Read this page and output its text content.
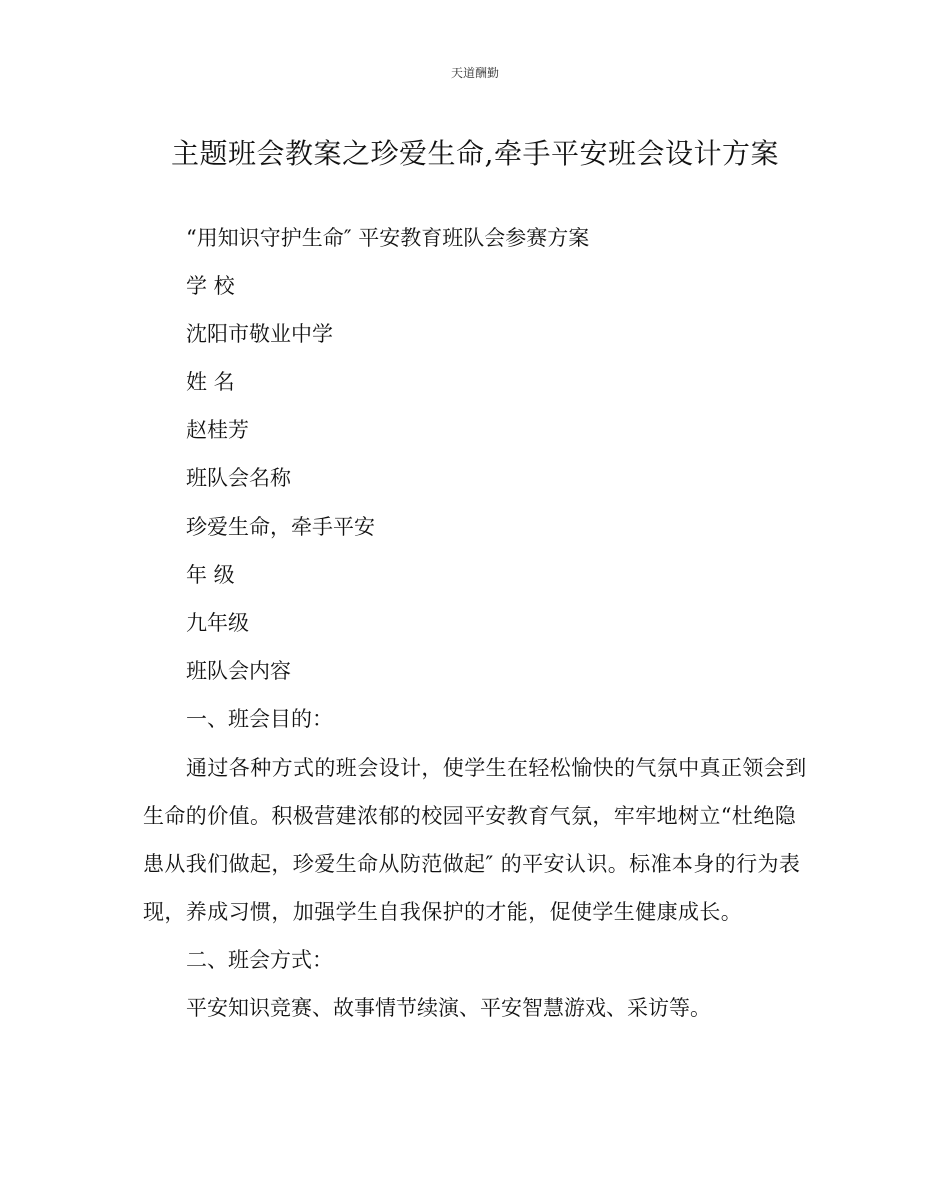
天道酬勤
主题班会教案之珍爱生命,牵手平安班会设计方案
“用知识守护生命″ 平安教育班队会参赛方案
学 校
沈阳市敬业中学
姓 名
赵桂芳
班队会名称
珍爱生命，牵手平安
年 级
九年级
班队会内容
一、班会目的：
通过各种方式的班会设计，使学生在轻松愉快的气氛中真正领会到生命的价值。积极营建浓郁的校园平安教育气氛，牢牢地树立“杜绝隐患从我们做起，珍爱生命从防范做起″ 的平安认识。标准本身的行为表现，养成习惯，加强学生自我保护的才能，促使学生健康成长。
二、班会方式：
平安知识竞赛、故事情节续演、平安智慧游戏、采访等。
